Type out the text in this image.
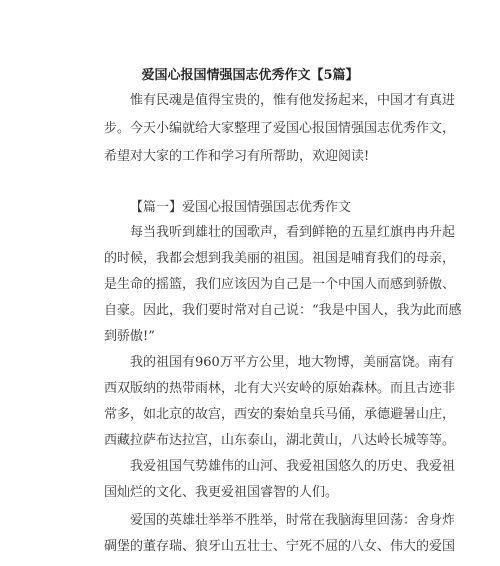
爱国心报国情强国志优秀作文【5篇】
惟有民魂是值得宝贵的，惟有他发扬起来，中国才有真进
步。今天小编就给大家整理了爱国心报国情强国志优秀作文，
希望对大家的工作和学习有所帮助，欢迎阅读!
【篇一】爱国心报国情强国志优秀作文
每当我听到雄壮的国歌声，看到鲜艳的五星红旗冉冉升起
的时候，我都会想到我美丽的祖国。祖国是哺育我们的母亲，
是生命的摇篮，我们应该因为自己是一个中国人而感到骄傲、
自豪。因此，我们要时常对自己说：“我是中国人，我为此而感
到骄傲!”
我的祖国有960万平方公里，地大物博，美丽富饶。南有
西双版纳的热带雨林，北有大兴安岭的原始森林。而且古迹非
常多，如北京的故宫，西安的秦始皇兵马俑，承德避暑山庄，
西藏拉萨布达拉宫，山东泰山，湖北黄山，八达岭长城等等。
我爱祖国气势雄伟的山河、我爱祖国悠久的历史、我爱祖
国灿烂的文化、我更爱祖国睿智的人们。
爱国的英雄壮举举不胜举，时常在我脑海里回荡：舍身炸
碉堡的董存瑞、狼牙山五壮士、宁死不屈的八女、伟大的爱国
